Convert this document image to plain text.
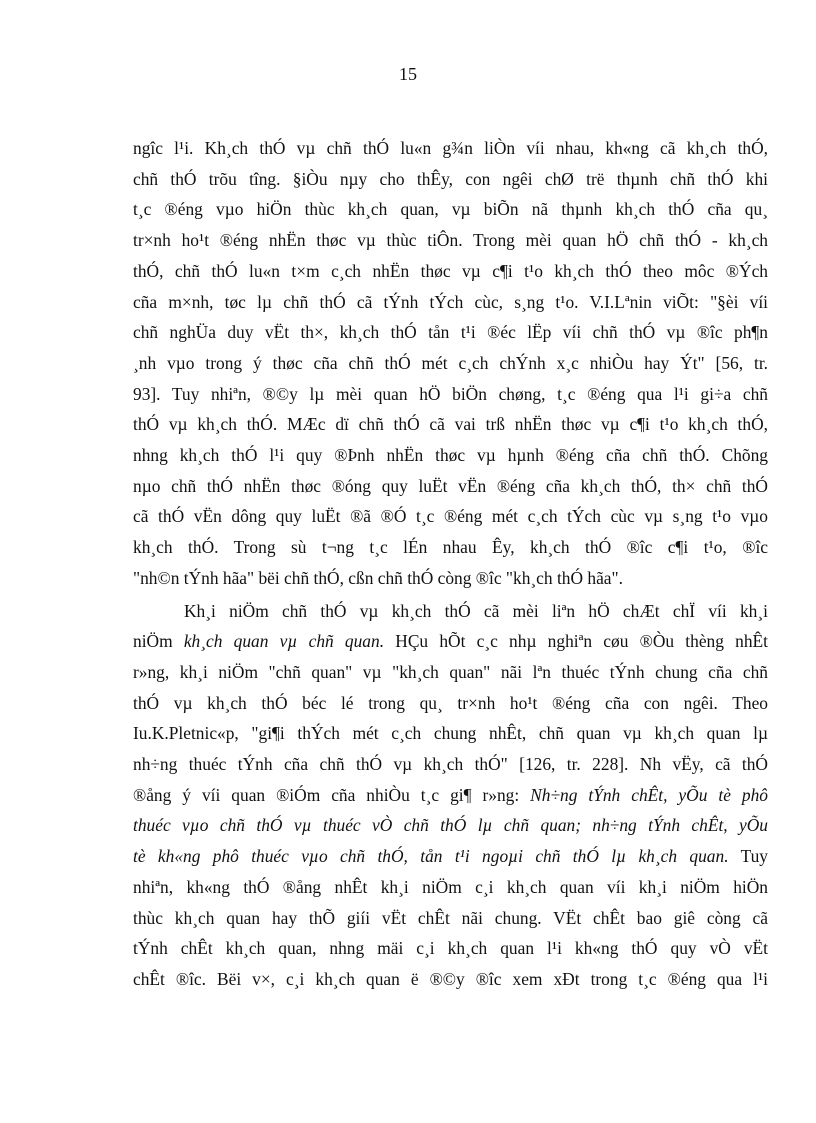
15

ngîc l¹i. Kh¸ch thÓ vµ chñ thÓ lu«n g¾n liÒn víi nhau, kh«ng cã kh¸ch thÓ,
chñ thÓ trõu tîng. §iÒu nµy cho thÊy, con ngêi chØ trë thµnh chñ thÓ khi
t¸c ®éng vµo hiÖn thùc kh¸ch quan, vµ biÕn nã thµnh kh¸ch thÓ cña qu¸
tr×nh ho¹t ®éng nhËn thøc vµ thùc tiÔn. Trong mèi quan hÖ chñ thÓ - kh¸ch
thÓ, chñ thÓ lu«n t×m c¸ch nhËn thøc vµ c¶i t¹o kh¸ch thÓ theo môc ®Ých
cña m×nh, tøc lµ chñ thÓ cã tÝnh tÝch cùc, s¸ng t¹o. V.I.Lªnin viÕt: "§èi víi
chñ nghÜa duy vËt th×, kh¸ch thÓ tån t¹i ®éc lËp víi chñ thÓ vµ ®îc ph¶n
¸nh vµo trong ý thøc cña chñ thÓ mét c¸ch chÝnh x¸c nhiÒu hay Ýt" [56, tr.
93]. Tuy nhiªn, ®©y lµ mèi quan hÖ biÖn chøng, t¸c ®éng qua l¹i gi÷a chñ
thÓ vµ kh¸ch thÓ. MÆc dï chñ thÓ cã vai trß nhËn thøc vµ c¶i t¹o kh¸ch thÓ,
nhng kh¸ch thÓ l¹i quy ®Þnh nhËn thøc vµ hµnh ®éng cña chñ thÓ. Chõng
nµo chñ thÓ nhËn thøc ®óng quy luËt vËn ®éng cña kh¸ch thÓ, th× chñ thÓ
cã thÓ vËn dông quy luËt ®ã ®Ó t¸c ®éng mét c¸ch tÝch cùc vµ s¸ng t¹o vµo
kh¸ch thÓ. Trong sù t¬ng t¸c lÉn nhau Êy, kh¸ch thÓ ®îc c¶i t¹o, ®îc
"nh©n tÝnh hãa" bëi chñ thÓ, cßn chñ thÓ còng ®îc "kh¸ch thÓ hãa".

Kh¸i niÖm chñ thÓ vµ kh¸ch thÓ cã mèi liªn hÖ chÆt chÏ víi kh¸i
niÖm kh¸ch quan vµ chñ quan. HÇu hÕt c¸c nhµ nghiªn cøu ®Òu thèng nhÊt
r»ng, kh¸i niÖm "chñ quan" vµ "kh¸ch quan" nãi lªn thuéc tÝnh chung cña chñ
thÓ vµ kh¸ch thÓ béc lé trong qu¸ tr×nh ho¹t ®éng cña con ngêi. Theo
Iu.K.Pletnic«p, "gi¶i thÝch mét c¸ch chung nhÊt, chñ quan vµ kh¸ch quan lµ
nh÷ng thuéc tÝnh cña chñ thÓ vµ kh¸ch thÓ" [126, tr. 228]. Nh vËy, cã thÓ
®ång ý víi quan ®iÓm cña nhiÒu t¸c gi¶ r»ng: Nh÷ng tÝnh chÊt, yÕu tè phô
thuéc vµo chñ thÓ vµ thuéc vÒ chñ thÓ lµ chñ quan; nh÷ng tÝnh chÊt, yÕu
tè kh«ng phô thuéc vµo chñ thÓ, tån t¹i ngoµi chñ thÓ lµ kh¸ch quan. Tuy
nhiªn, kh«ng thÓ ®ång nhÊt kh¸i niÖm c¸i kh¸ch quan víi kh¸i niÖm hiÖn
thùc kh¸ch quan hay thÕ giíi vËt chÊt nãi chung. VËt chÊt bao giê còng cã
tÝnh chÊt kh¸ch quan, nhng mäi c¸i kh¸ch quan l¹i kh«ng thÓ quy vÒ vËt
chÊt ®îc. Bëi v×, c¸i kh¸ch quan ë ®©y ®îc xem xÐt trong t¸c ®éng qua l¹i
